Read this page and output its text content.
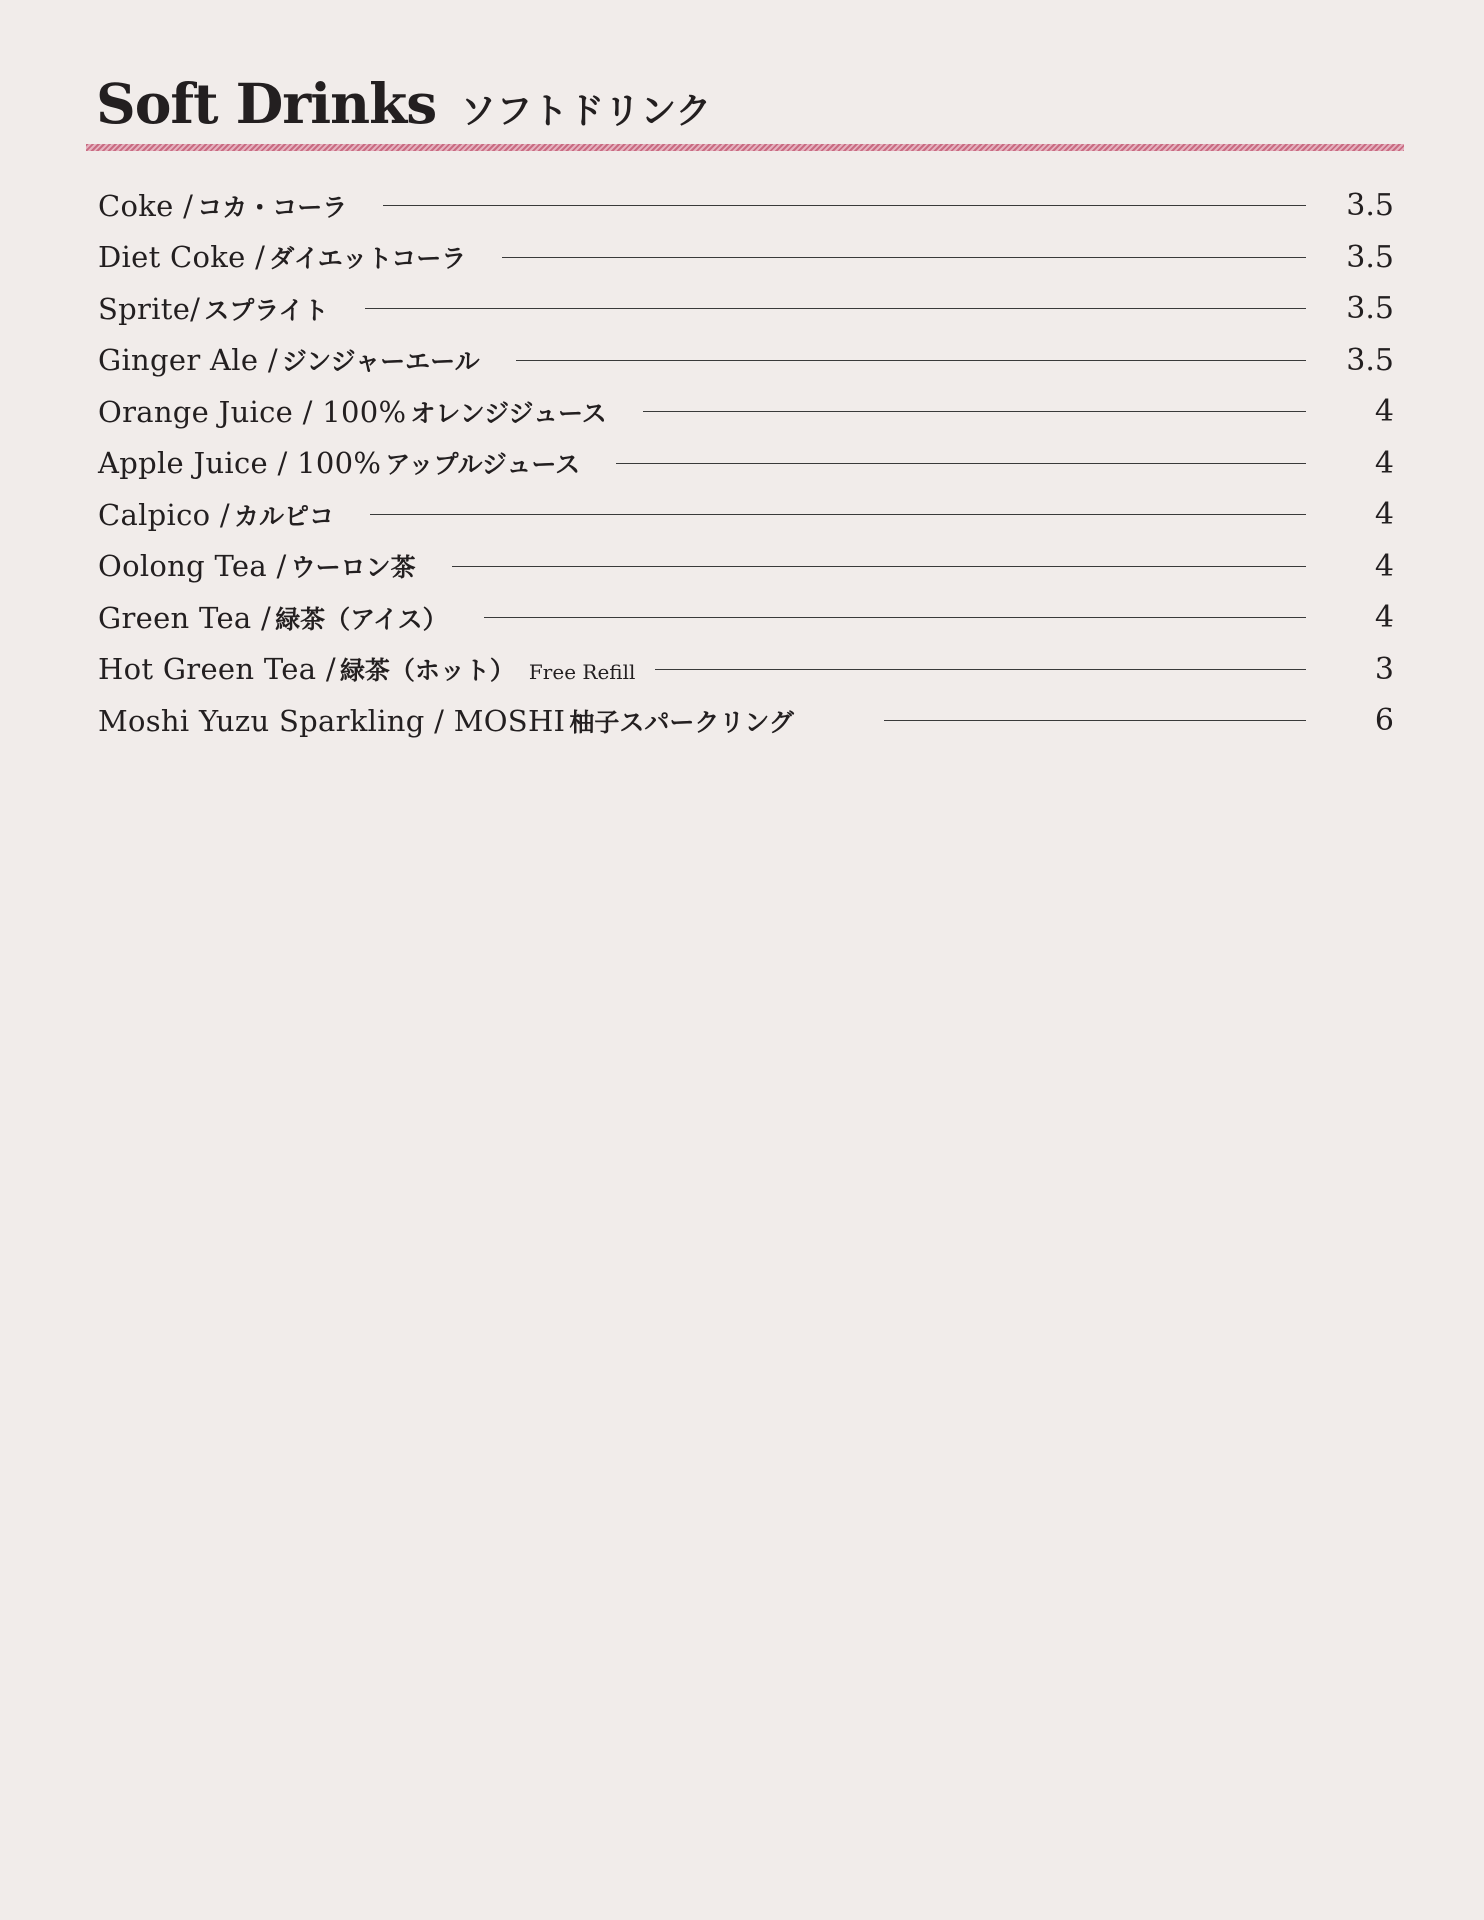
Soft Drinks ソフトドリンク
Coke / コカ・コーラ	3.5
Diet Coke / ダイエットコーラ	3.5
Sprite/ スプライト	3.5
Ginger Ale / ジンジャーエール	3.5
Orange Juice / 100% オレンジジュース	4
Apple Juice / 100% アップルジュース	4
Calpico / カルピコ	4
Oolong Tea / ウーロン茶	4
Green Tea / 緑茶（アイス）	4
Hot Green Tea / 緑茶（ホット） Free Refill	3
Moshi Yuzu Sparkling / MOSHI 柚子スパークリング	6
